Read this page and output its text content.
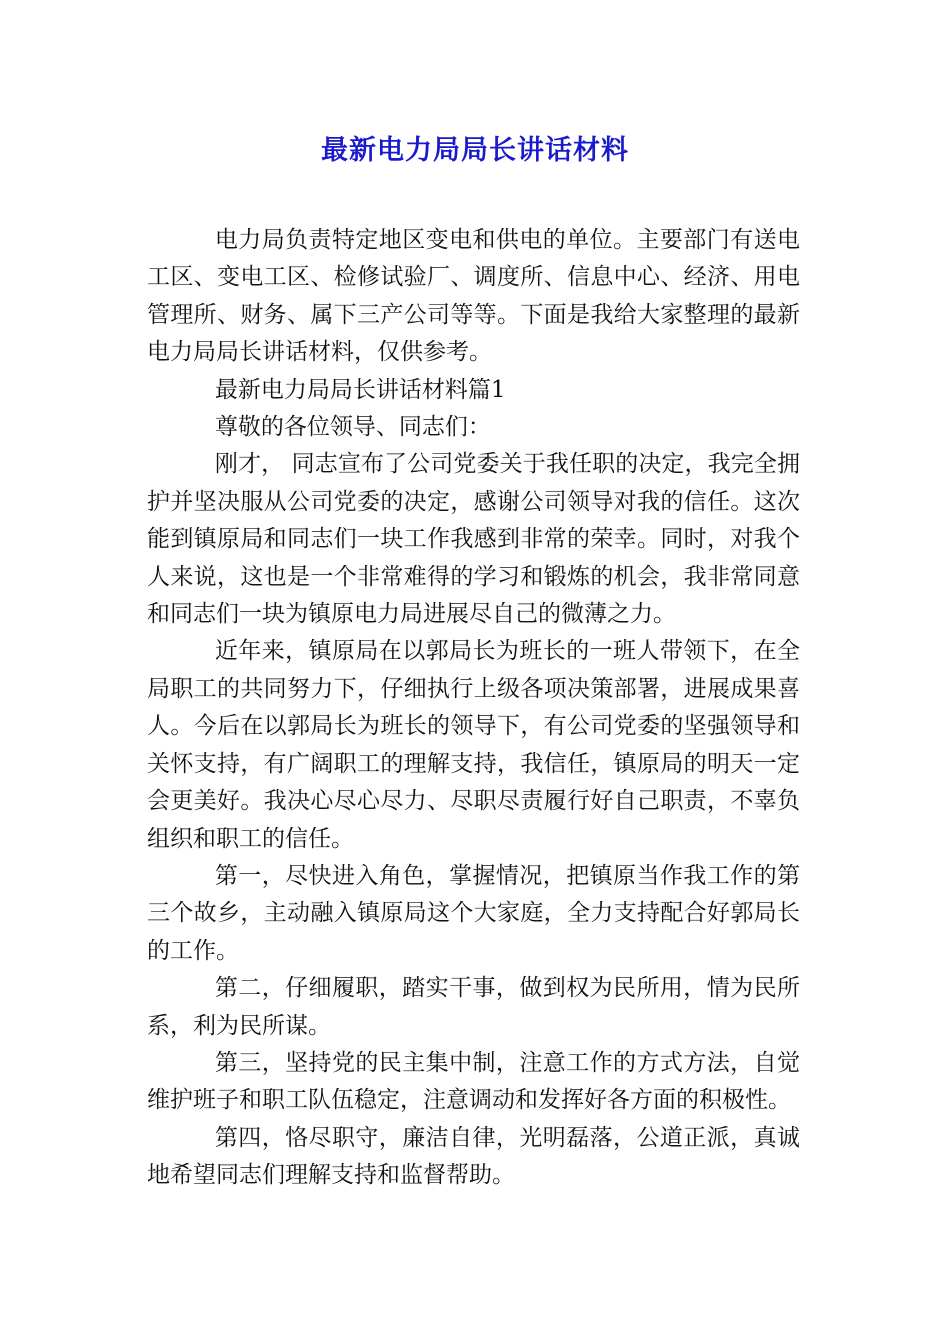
最新电力局局长讲话材料

电力局负责特定地区变电和供电的单位。主要部门有送电工区、变电工区、检修试验厂、调度所、信息中心、经济、用电管理所、财务、属下三产公司等等。下面是我给大家整理的最新电力局局长讲话材料，仅供参考。

最新电力局局长讲话材料篇1

尊敬的各位领导、同志们：

刚才， 同志宣布了公司党委关于我任职的决定，我完全拥护并坚决服从公司党委的决定，感谢公司领导对我的信任。这次能到镇原局和同志们一块工作我感到非常的荣幸。同时，对我个人来说，这也是一个非常难得的学习和锻炼的机会，我非常同意和同志们一块为镇原电力局进展尽自己的微薄之力。

近年来，镇原局在以郭局长为班长的一班人带领下，在全局职工的共同努力下，仔细执行上级各项决策部署，进展成果喜人。今后在以郭局长为班长的领导下，有公司党委的坚强领导和关怀支持，有广阔职工的理解支持，我信任，镇原局的明天一定会更美好。我决心尽心尽力、尽职尽责履行好自己职责，不辜负组织和职工的信任。

第一，尽快进入角色，掌握情况，把镇原当作我工作的第三个故乡，主动融入镇原局这个大家庭，全力支持配合好郭局长的工作。

第二，仔细履职，踏实干事，做到权为民所用，情为民所系，利为民所谋。

第三，坚持党的民主集中制，注意工作的方式方法，自觉维护班子和职工队伍稳定，注意调动和发挥好各方面的积极性。

第四，恪尽职守，廉洁自律，光明磊落，公道正派，真诚地希望同志们理解支持和监督帮助。
